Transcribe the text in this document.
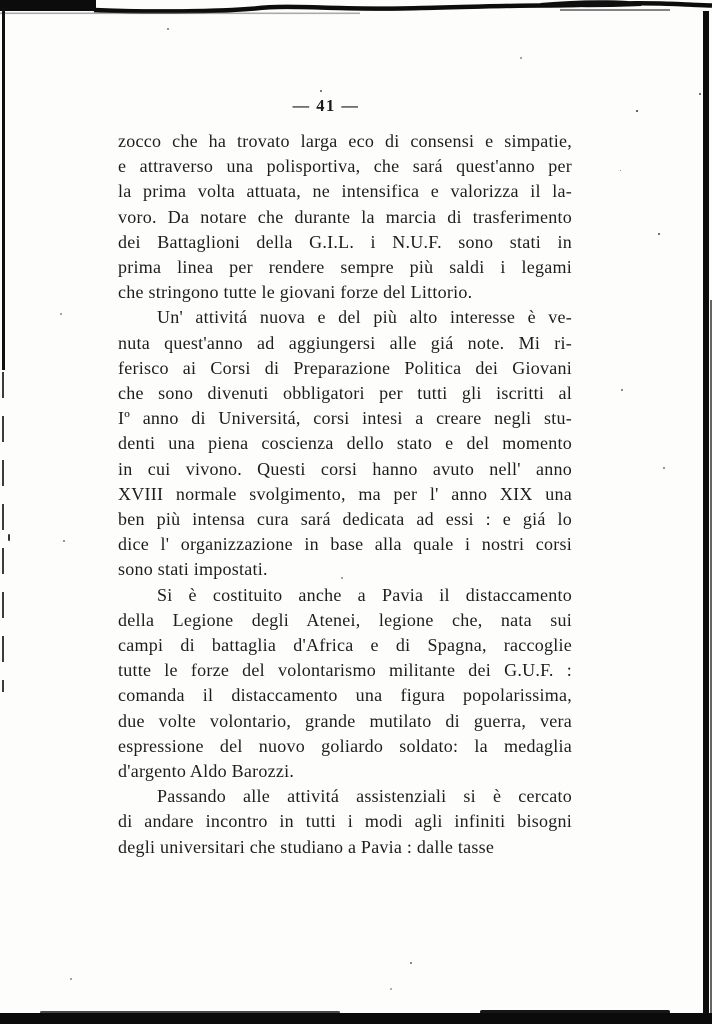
— 41 —
zocco che ha trovato larga eco di consensi e simpatie,
e attraverso una polisportiva, che sará quest'anno per
la prima volta attuata, ne intensifica e valorizza il la-
voro. Da notare che durante la marcia di trasferimento
dei Battaglioni della G.I.L. i N.U.F. sono stati in
prima linea per rendere sempre più saldi i legami
che stringono tutte le giovani forze del Littorio.
Un' attivitá nuova e del più alto interesse è ve-
nuta quest'anno ad aggiungersi alle giá note. Mi ri-
ferisco ai Corsi di Preparazione Politica dei Giovani
che sono divenuti obbligatori per tutti gli iscritti al
Iº anno di Universitá, corsi intesi a creare negli stu-
denti una piena coscienza dello stato e del momento
in cui vivono. Questi corsi hanno avuto nell' anno
XVIII normale svolgimento, ma per l' anno XIX una
ben più intensa cura sará dedicata ad essi : e giá lo
dice l' organizzazione in base alla quale i nostri corsi
sono stati impostati.
Si è costituito anche a Pavia il distaccamento
della Legione degli Atenei, legione che, nata sui
campi di battaglia d'Africa e di Spagna, raccoglie
tutte le forze del volontarismo militante dei G.U.F. :
comanda il distaccamento una figura popolarissima,
due volte volontario, grande mutilato di guerra, vera
espressione del nuovo goliardo soldato: la medaglia
d'argento Aldo Barozzi.
Passando alle attivitá assistenziali si è cercato
di andare incontro in tutti i modi agli infiniti bisogni
degli universitari che studiano a Pavia : dalle tasse
